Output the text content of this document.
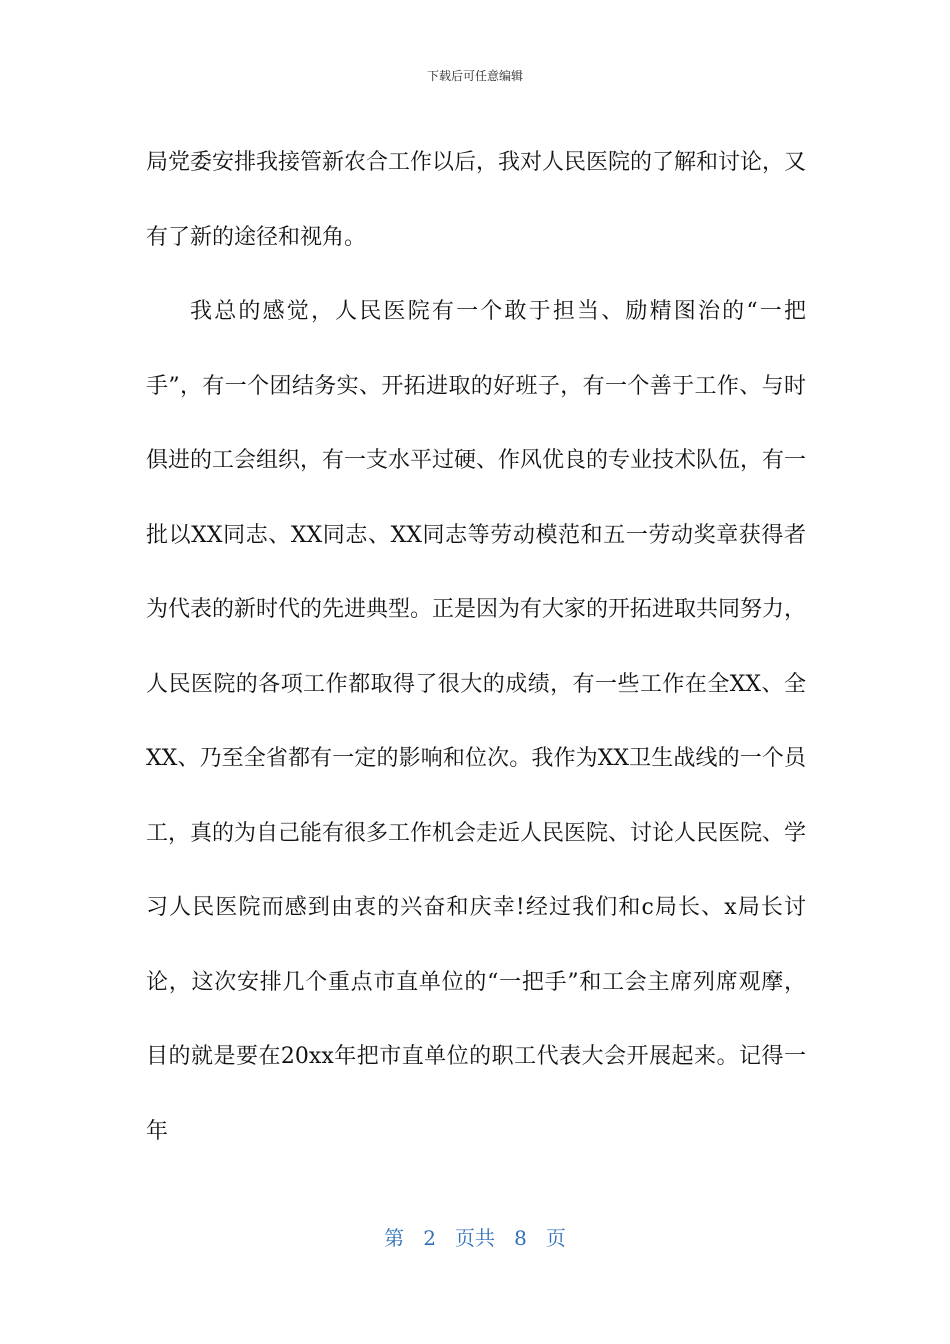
下载后可任意编辑

局党委安排我接管新农合工作以后，我对人民医院的了解和讨论，又有了新的途径和视角。

我总的感觉，人民医院有一个敢于担当、励精图治的“一把手”，有一个团结务实、开拓进取的好班子，有一个善于工作、与时俱进的工会组织，有一支水平过硬、作风优良的专业技术队伍，有一批以XX同志、XX同志、XX同志等劳动模范和五一劳动奖章获得者为代表的新时代的先进典型。正是因为有大家的开拓进取共同努力，人民医院的各项工作都取得了很大的成绩，有一些工作在全XX、全XX、乃至全省都有一定的影响和位次。我作为XX卫生战线的一个员工，真的为自己能有很多工作机会走近人民医院、讨论人民医院、学习人民医院而感到由衷的兴奋和庆幸!经过我们和c局长、x局长讨论，这次安排几个重点市直单位的“一把手”和工会主席列席观摩，目的就是要在20xx年把市直单位的职工代表大会开展起来。记得一年

第 2 页共 8 页
